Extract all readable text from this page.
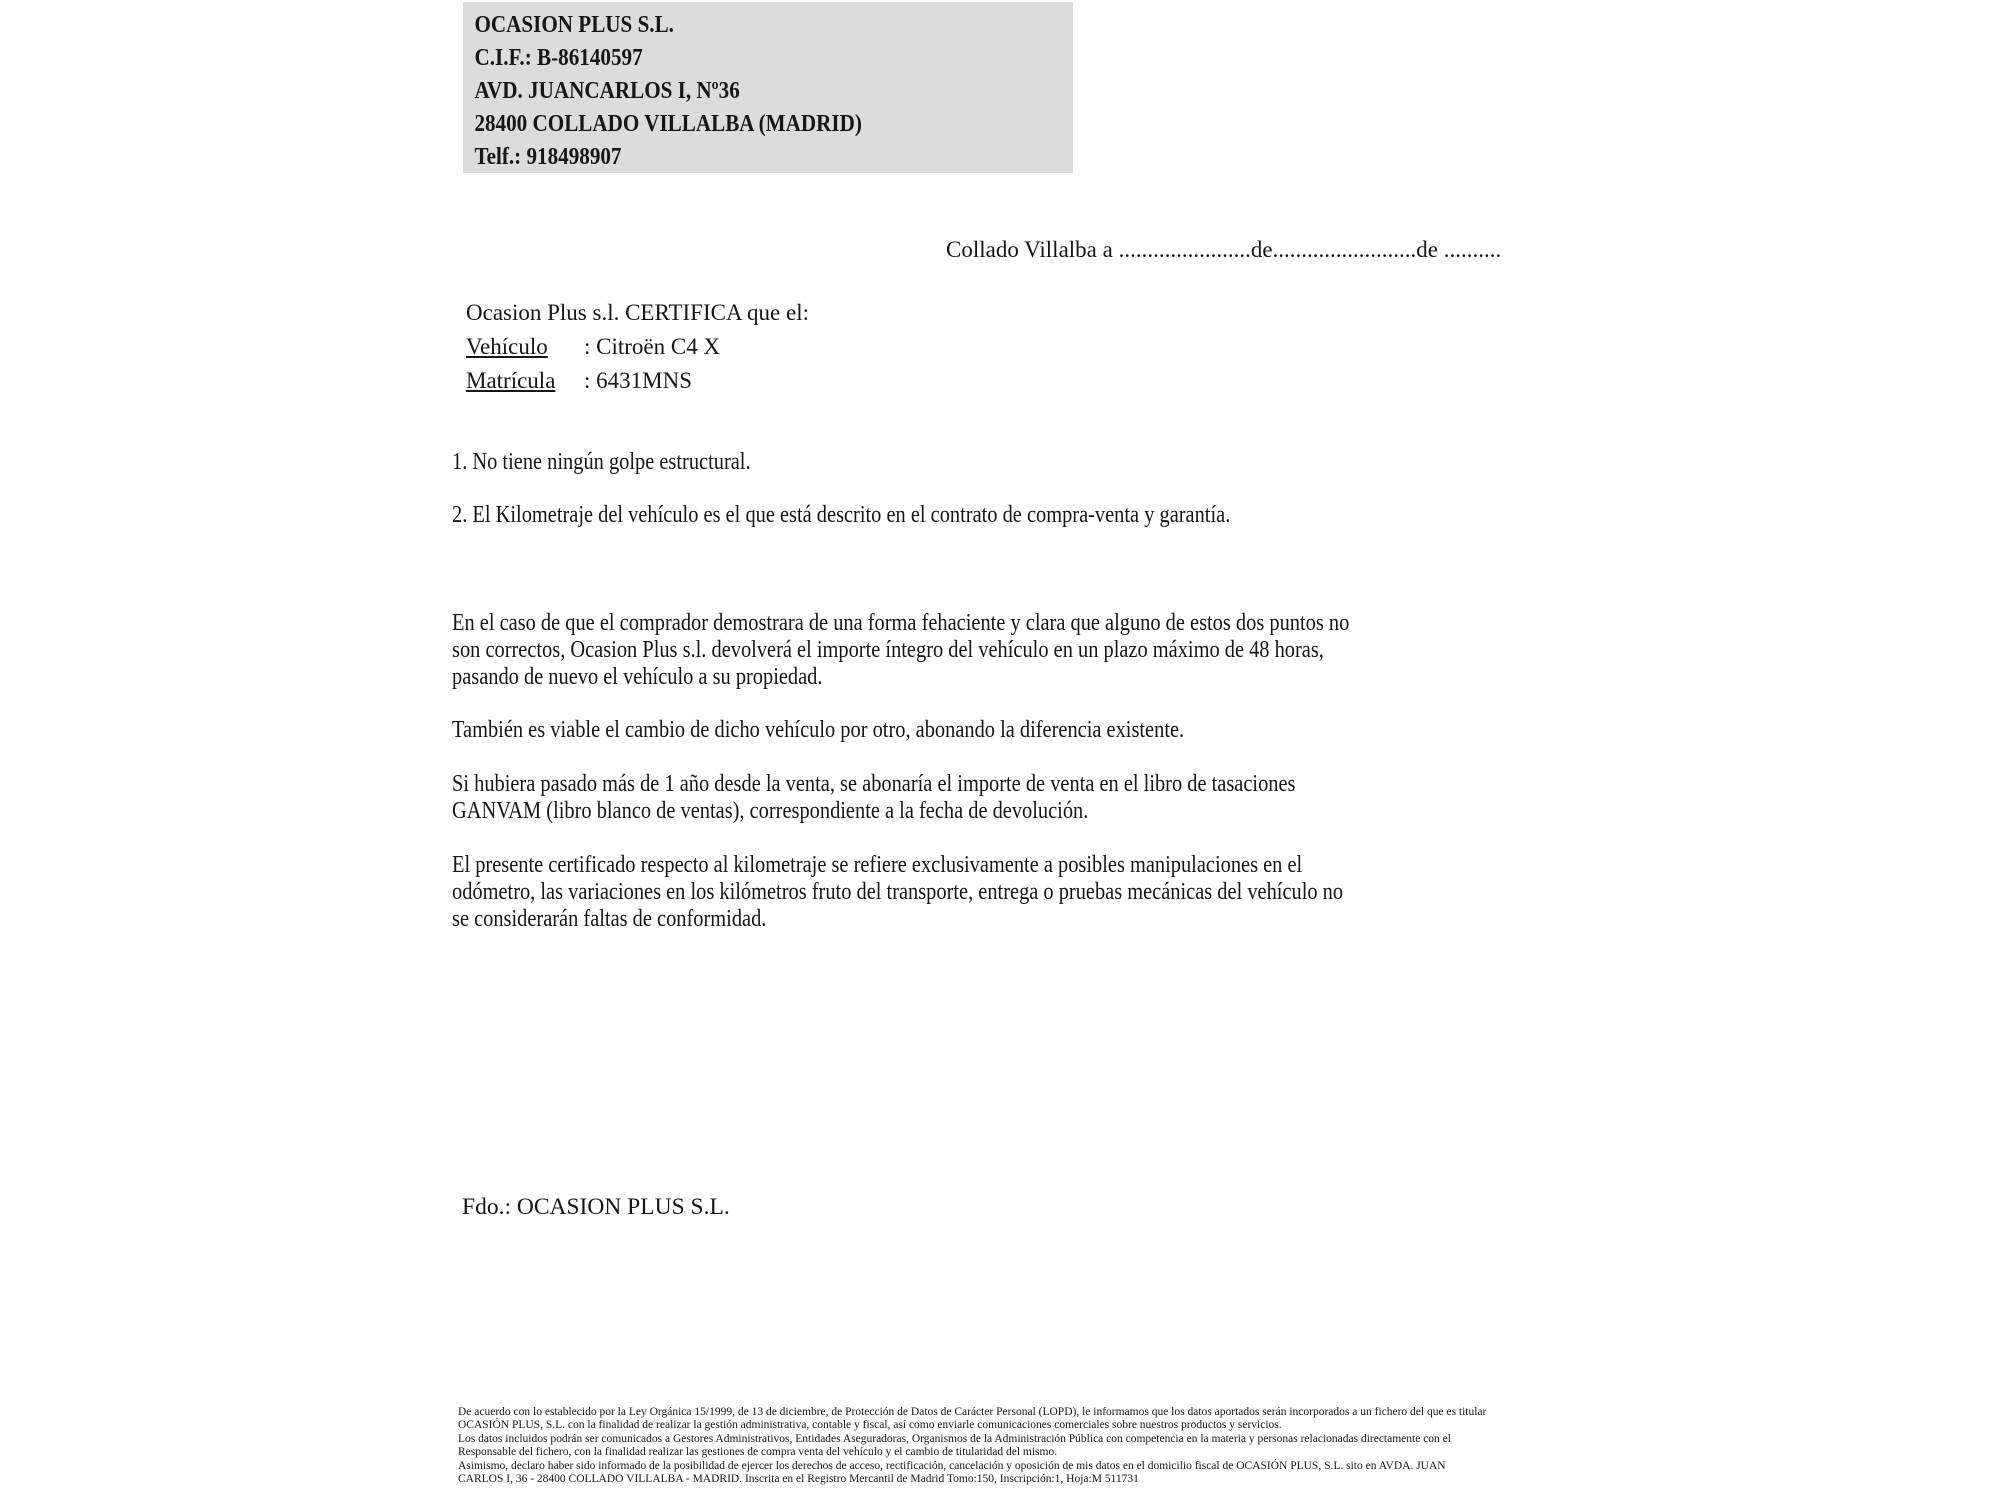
OCASION PLUS S.L.
C.I.F.: B-86140597
AVD. JUANCARLOS I, Nº36
28400 COLLADO VILLALBA (MADRID)
Telf.: 918498907
Collado Villalba a .......................de.........................de ..........
Ocasion Plus s.l. CERTIFICA que el:
Vehículo : Citroën C4 X
Matrícula : 6431MNS
1. No tiene ningún golpe estructural.
2. El Kilometraje del vehículo es el que está descrito en el contrato de compra-venta y garantía.
En el caso de que el comprador demostrara de una forma fehaciente y clara que alguno de estos dos puntos no
son correctos, Ocasion Plus s.l. devolverá el importe íntegro del vehículo en un plazo máximo de 48 horas,
pasando de nuevo el vehículo a su propiedad.
También es viable el cambio de dicho vehículo por otro, abonando la diferencia existente.
Si hubiera pasado más de 1 año desde la venta, se abonaría el importe de venta en el libro de tasaciones
GANVAM (libro blanco de ventas), correspondiente a la fecha de devolución.
El presente certificado respecto al kilometraje se refiere exclusivamente a posibles manipulaciones en el
odómetro, las variaciones en los kilómetros fruto del transporte, entrega o pruebas mecánicas del vehículo no
se considerarán faltas de conformidad.
Fdo.: OCASION PLUS S.L.
De acuerdo con lo establecido por la Ley Orgánica 15/1999, de 13 de diciembre, de Protección de Datos de Carácter Personal (LOPD), le informamos que los datos aportados serán incorporados a un fichero del que es titular
OCASIÓN PLUS, S.L. con la finalidad de realizar la gestión administrativa, contable y fiscal, así como enviarle comunicaciones comerciales sobre nuestros productos y servicios.
Los datos incluidos podrán ser comunicados a Gestores Administrativos, Entidades Aseguradoras, Organismos de la Administración Pública con competencia en la materia y personas relacionadas directamente con el
Responsable del fichero, con la finalidad realizar las gestiones de compra venta del vehículo y el cambio de titularidad del mismo.
Asimismo, declaro haber sido informado de la posibilidad de ejercer los derechos de acceso, rectificación, cancelación y oposición de mis datos en el domicilio fiscal de OCASIÓN PLUS, S.L. sito en AVDA. JUAN
CARLOS I, 36 - 28400 COLLADO VILLALBA - MADRID. Inscrita en el Registro Mercantil de Madrid Tomo:150, Inscripción:1, Hoja:M 511731
